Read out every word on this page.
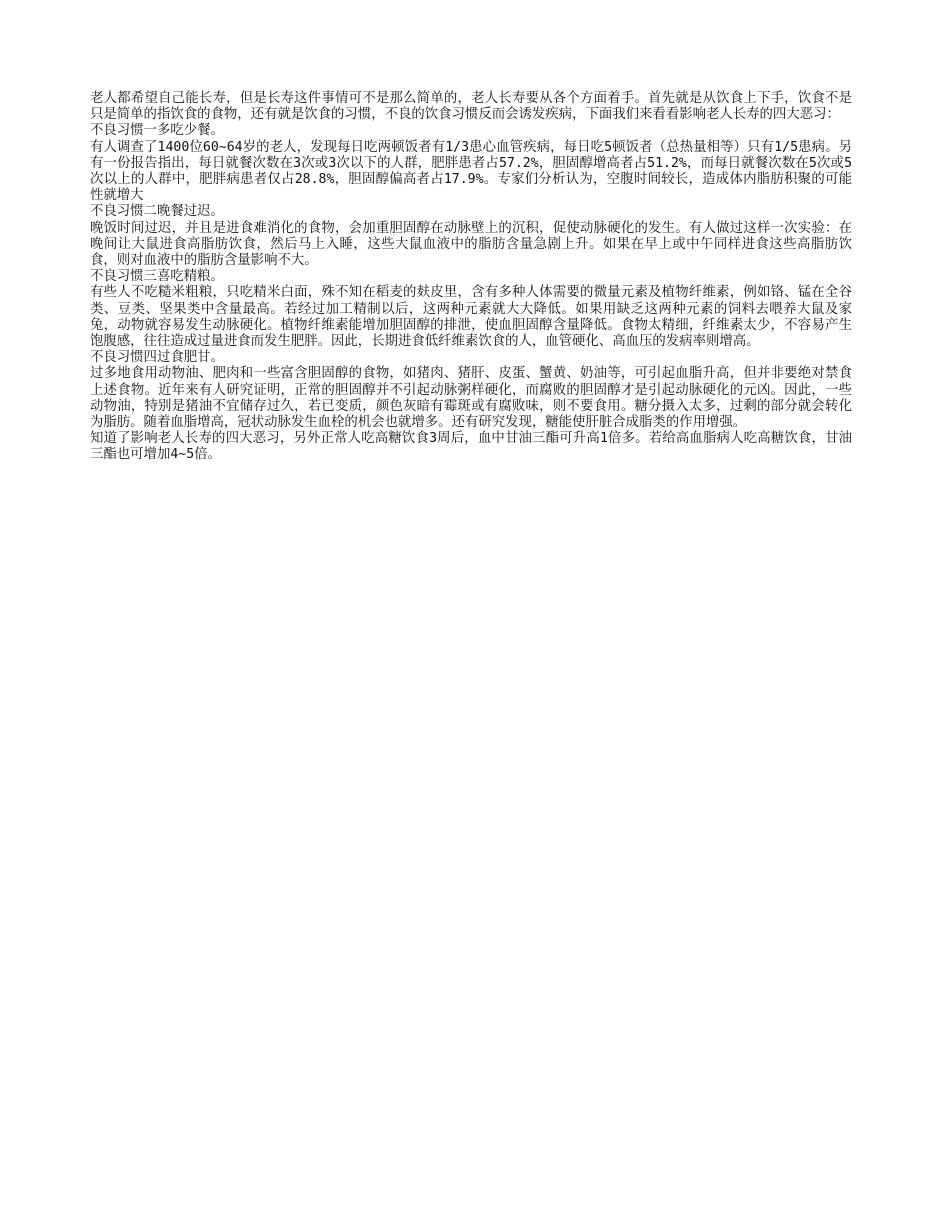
老人都希望自己能长寿，但是长寿这件事情可不是那么简单的，老人长寿要从各个方面着手。首先就是从饮食上下手，饮食不是只是简单的指饮食的食物，还有就是饮食的习惯，不良的饮食习惯反而会诱发疾病，下面我们来看看影响老人长寿的四大恶习：

不良习惯一多吃少餐。

有人调查了1400位60~64岁的老人，发现每日吃两顿饭者有1/3患心血管疾病，每日吃5顿饭者（总热量相等）只有1/5患病。另有一份报告指出，每日就餐次数在3次或3次以下的人群，肥胖患者占57.2%，胆固醇增高者占51.2%，而每日就餐次数在5次或5次以上的人群中，肥胖病患者仅占28.8%，胆固醇偏高者占17.9%。专家们分析认为，空腹时间较长，造成体内脂肪积聚的可能性就增大

不良习惯二晚餐过迟。

晚饭时间过迟，并且是进食难消化的食物，会加重胆固醇在动脉壁上的沉积，促使动脉硬化的发生。有人做过这样一次实验：在晚间让大鼠进食高脂肪饮食，然后马上入睡，这些大鼠血液中的脂肪含量急剧上升。如果在早上或中午同样进食这些高脂肪饮食，则对血液中的脂肪含量影响不大。

不良习惯三喜吃精粮。

有些人不吃糙米粗粮，只吃精米白面，殊不知在稻麦的麸皮里，含有多种人体需要的微量元素及植物纤维素，例如铬、锰在全谷类、豆类、坚果类中含量最高。若经过加工精制以后，这两种元素就大大降低。如果用缺乏这两种元素的饲料去喂养大鼠及家兔，动物就容易发生动脉硬化。植物纤维素能增加胆固醇的排泄，使血胆固醇含量降低。食物太精细，纤维素太少，不容易产生饱腹感，往往造成过量进食而发生肥胖。因此，长期进食低纤维素饮食的人，血管硬化、高血压的发病率则增高。

不良习惯四过食肥甘。

过多地食用动物油、肥肉和一些富含胆固醇的食物，如猪肉、猪肝、皮蛋、蟹黄、奶油等，可引起血脂升高，但并非要绝对禁食上述食物。近年来有人研究证明，正常的胆固醇并不引起动脉粥样硬化，而腐败的胆固醇才是引起动脉硬化的元凶。因此，一些动物油，特别是猪油不宜储存过久，若已变质，颜色灰暗有霉斑或有腐败味，则不要食用。糖分摄入太多，过剩的部分就会转化为脂肪。随着血脂增高，冠状动脉发生血栓的机会也就增多。还有研究发现，糖能使肝脏合成脂类的作用增强。

知道了影响老人长寿的四大恶习，另外正常人吃高糖饮食3周后，血中甘油三酯可升高1倍多。若给高血脂病人吃高糖饮食，甘油三酯也可增加4~5倍。
